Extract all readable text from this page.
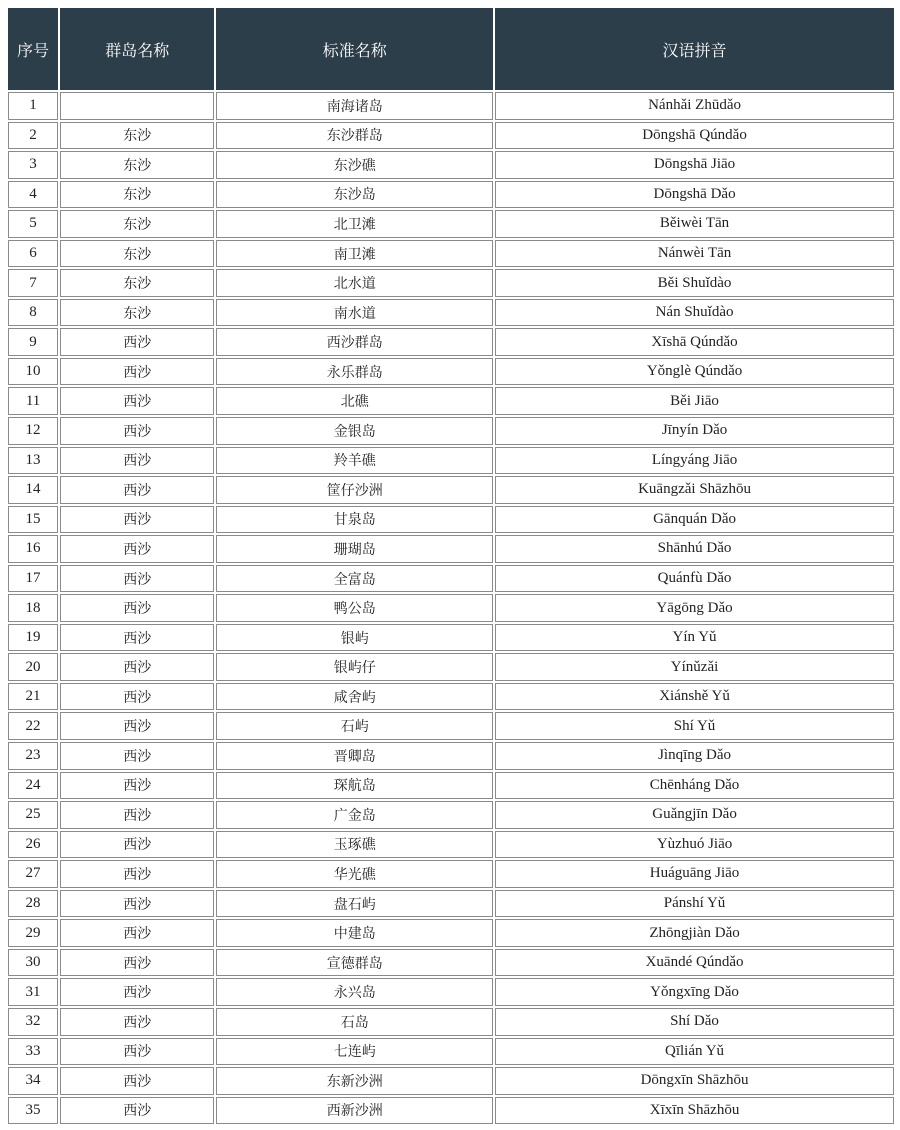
序号	群岛名称	标准名称	汉语拼音
1		南海诸岛	Nánhǎi Zhūdǎo
2	东沙	东沙群岛	Dōngshā Qúndǎo
3	东沙	东沙礁	Dōngshā Jiāo
4	东沙	东沙岛	Dōngshā Dǎo
5	东沙	北卫滩	Běiwèi Tān
6	东沙	南卫滩	Nánwèi Tān
7	东沙	北水道	Běi Shuǐdào
8	东沙	南水道	Nán Shuǐdào
9	西沙	西沙群岛	Xīshā Qúndǎo
10	西沙	永乐群岛	Yǒnglè Qúndǎo
11	西沙	北礁	Běi Jiāo
12	西沙	金银岛	Jīnyín Dǎo
13	西沙	羚羊礁	Língyáng Jiāo
14	西沙	筐仔沙洲	Kuāngzǎi Shāzhōu
15	西沙	甘泉岛	Gānquán Dǎo
16	西沙	珊瑚岛	Shānhú Dǎo
17	西沙	全富岛	Quánfù Dǎo
18	西沙	鸭公岛	Yāgōng Dǎo
19	西沙	银屿	Yín Yǔ
20	西沙	银屿仔	Yínǔzǎi
21	西沙	咸舍屿	Xiánshě Yǔ
22	西沙	石屿	Shí Yǔ
23	西沙	晋卿岛	Jìnqīng Dǎo
24	西沙	琛航岛	Chēnháng Dǎo
25	西沙	广金岛	Guǎngjīn Dǎo
26	西沙	玉琢礁	Yùzhuó Jiāo
27	西沙	华光礁	Huáguāng Jiāo
28	西沙	盘石屿	Pánshí Yǔ
29	西沙	中建岛	Zhōngjiàn Dǎo
30	西沙	宣德群岛	Xuāndé Qúndǎo
31	西沙	永兴岛	Yǒngxīng Dǎo
32	西沙	石岛	Shí Dǎo
33	西沙	七连屿	Qīlián Yǔ
34	西沙	东新沙洲	Dōngxīn Shāzhōu
35	西沙	西新沙洲	Xīxīn Shāzhōu
